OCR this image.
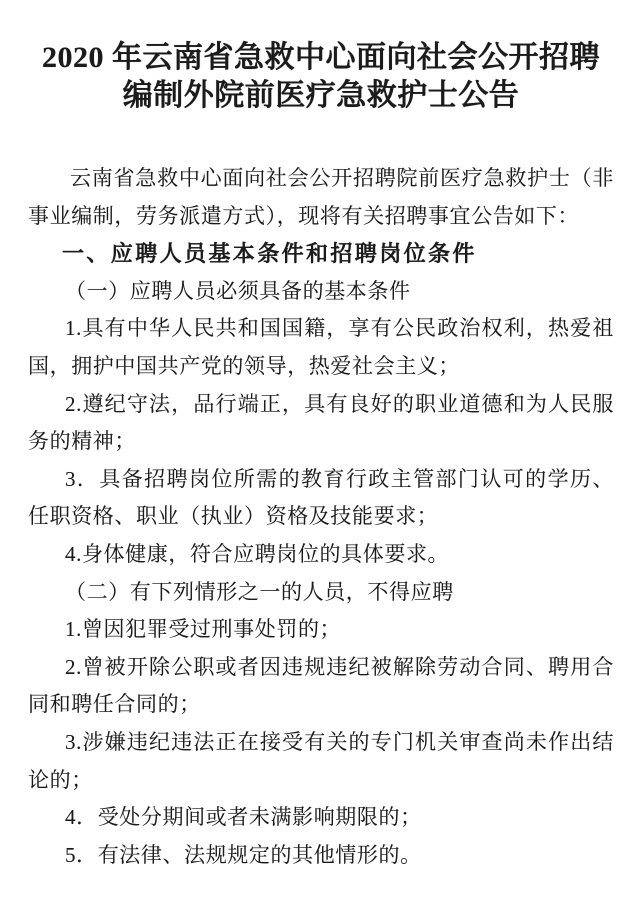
2020 年云南省急救中心面向社会公开招聘
编制外院前医疗急救护士公告

云南省急救中心面向社会公开招聘院前医疗急救护士（非事业编制，劳务派遣方式），现将有关招聘事宜公告如下：

一、应聘人员基本条件和招聘岗位条件

（一）应聘人员必须具备的基本条件

1.具有中华人民共和国国籍，享有公民政治权利，热爱祖国，拥护中国共产党的领导，热爱社会主义；

2.遵纪守法，品行端正，具有良好的职业道德和为人民服务的精神；

3．具备招聘岗位所需的教育行政主管部门认可的学历、任职资格、职业（执业）资格及技能要求；

4.身体健康，符合应聘岗位的具体要求。

（二）有下列情形之一的人员，不得应聘

1.曾因犯罪受过刑事处罚的；

2.曾被开除公职或者因违规违纪被解除劳动合同、聘用合同和聘任合同的；

3.涉嫌违纪违法正在接受有关的专门机关审查尚未作出结论的；

4．受处分期间或者未满影响期限的；

5．有法律、法规规定的其他情形的。
